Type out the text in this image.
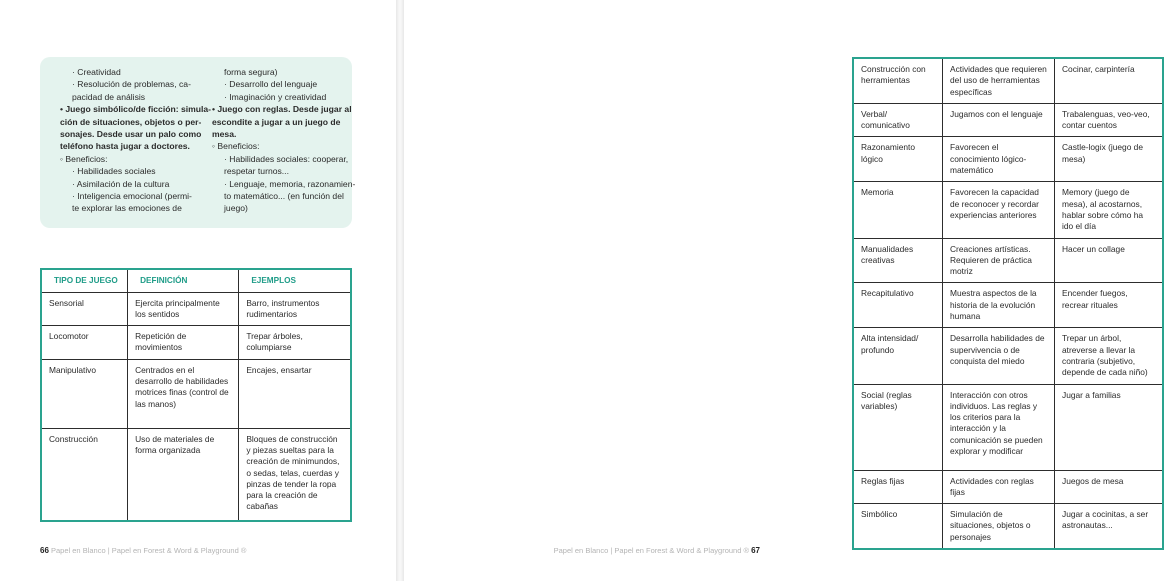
· Creatividad
· Resolución de problemas, ca-
pacidad de análisis
• Juego simbólico/de ficción: simula-
ción de situaciones, objetos o per-
sonajes. Desde usar un palo como
teléfono hasta jugar a doctores.
◦ Beneficios:
· Habilidades sociales
· Asimilación de la cultura
· Inteligencia emocional (permi-
te explorar las emociones de
forma segura)
· Desarrollo del lenguaje
· Imaginación y creatividad
• Juego con reglas. Desde jugar al
escondite a jugar a un juego de
mesa.
◦ Beneficios:
· Habilidades sociales: cooperar,
respetar turnos...
· Lenguaje, memoria, razonamien-
to matemático... (en función del
juego)
TIPO DE JUEGO	DEFINICIÓN	EJEMPLOS
Sensorial	Ejercita principalmente los sentidos	Barro, instrumentos rudimentarios
Locomotor	Repetición de movimientos	Trepar árboles, columpiarse
Manipulativo	Centrados en el desarrollo de habilidades motrices finas (control de las manos)	Encajes, ensartar
Construcción	Uso de materiales de forma organizada	Bloques de construcción y piezas sueltas para la creación de minimundos, o sedas, telas, cuerdas y pinzas de tender la ropa para la creación de cabañas
66 Papel en Blanco | Papel en Forest & Word & Playground ®
Construcción con herramientas	Actividades que requieren del uso de herramientas específicas	Cocinar, carpintería
Verbal/ comunicativo	Jugamos con el lenguaje	Trabalenguas, veo-veo, contar cuentos
Razonamiento lógico	Favorecen el conocimiento lógico-matemático	Castle-logix (juego de mesa)
Memoria	Favorecen la capacidad de reconocer y recordar experiencias anteriores	Memory (juego de mesa), al acostarnos, hablar sobre cómo ha ido el día
Manualidades creativas	Creaciones artísticas. Requieren de práctica motriz	Hacer un collage
Recapitulativo	Muestra aspectos de la historia de la evolución humana	Encender fuegos, recrear rituales
Alta intensidad/ profundo	Desarrolla habilidades de supervivencia o de conquista del miedo	Trepar un árbol, atreverse a llevar la contraria (subjetivo, depende de cada niño)
Social (reglas variables)	Interacción con otros individuos. Las reglas y los criterios para la interacción y la comunicación se pueden explorar y modificar	Jugar a familias
Reglas fijas	Actividades con reglas fijas	Juegos de mesa
Simbólico	Simulación de situaciones, objetos o personajes	Jugar a cocinitas, a ser astronautas...
Papel en Blanco | Papel en Forest & Word & Playground ® 67
